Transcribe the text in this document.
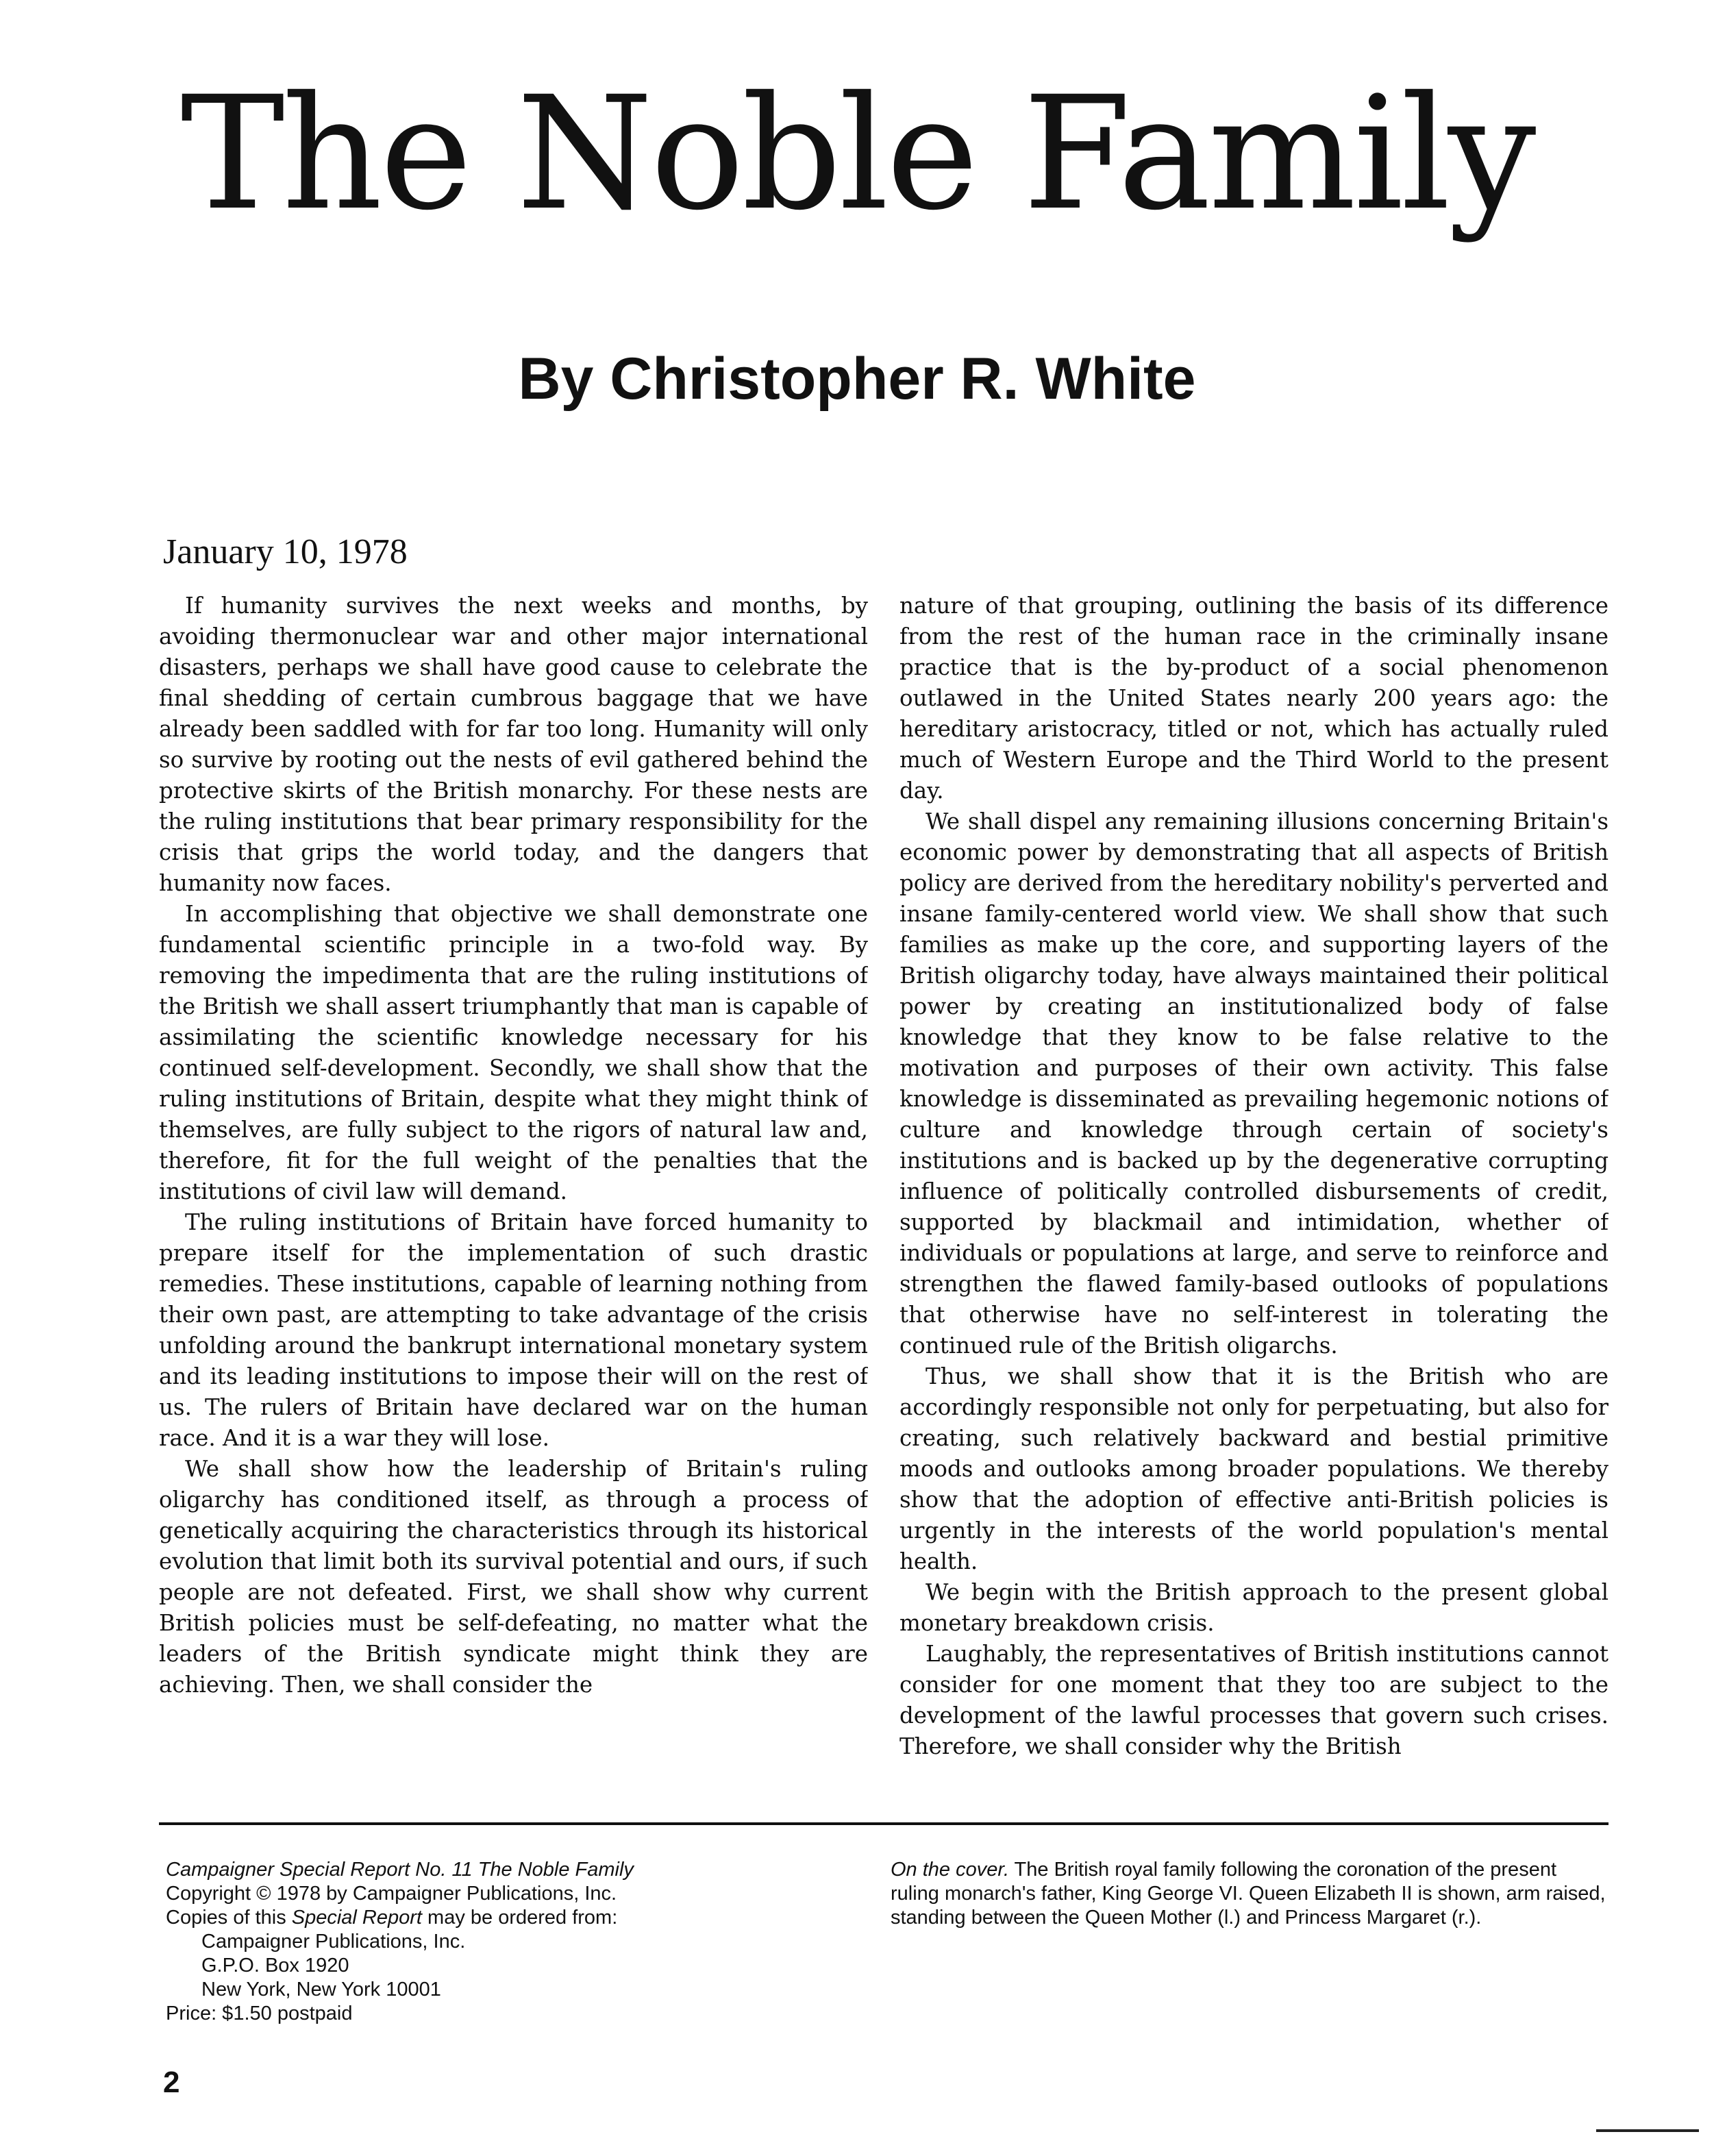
The Noble Family
By Christopher R. White
January 10, 1978

If humanity survives the next weeks and months, by avoiding thermonuclear war and other major international disasters, perhaps we shall have good cause to celebrate the final shedding of certain cumbrous baggage that we have already been saddled with for far too long. Humanity will only so survive by rooting out the nests of evil gathered behind the protective skirts of the British monarchy. For these nests are the ruling institutions that bear primary responsibility for the crisis that grips the world today, and the dangers that humanity now faces.

In accomplishing that objective we shall demonstrate one fundamental scientific principle in a two-fold way. By removing the impedimenta that are the ruling institutions of the British we shall assert triumphantly that man is capable of assimilating the scientific knowledge necessary for his continued self-development. Secondly, we shall show that the ruling institutions of Britain, despite what they might think of themselves, are fully subject to the rigors of natural law and, therefore, fit for the full weight of the penalties that the institutions of civil law will demand.

The ruling institutions of Britain have forced humanity to prepare itself for the implementation of such drastic remedies. These institutions, capable of learning nothing from their own past, are attempting to take advantage of the crisis unfolding around the bankrupt international monetary system and its leading institutions to impose their will on the rest of us. The rulers of Britain have declared war on the human race. And it is a war they will lose.

We shall show how the leadership of Britain's ruling oligarchy has conditioned itself, as through a process of genetically acquiring the characteristics through its historical evolution that limit both its survival potential and ours, if such people are not defeated. First, we shall show why current British policies must be self-defeating, no matter what the leaders of the British syndicate might think they are achieving. Then, we shall consider the

nature of that grouping, outlining the basis of its difference from the rest of the human race in the criminally insane practice that is the by-product of a social phenomenon outlawed in the United States nearly 200 years ago: the hereditary aristocracy, titled or not, which has actually ruled much of Western Europe and the Third World to the present day.

We shall dispel any remaining illusions concerning Britain's economic power by demonstrating that all aspects of British policy are derived from the hereditary nobility's perverted and insane family-centered world view. We shall show that such families as make up the core, and supporting layers of the British oligarchy today, have always maintained their political power by creating an institutionalized body of false knowledge that they know to be false relative to the motivation and purposes of their own activity. This false knowledge is disseminated as prevailing hegemonic notions of culture and knowledge through certain of society's institutions and is backed up by the degenerative corrupting influence of politically controlled disbursements of credit, supported by blackmail and intimidation, whether of individuals or populations at large, and serve to reinforce and strengthen the flawed family-based outlooks of populations that otherwise have no self-interest in tolerating the continued rule of the British oligarchs.

Thus, we shall show that it is the British who are accordingly responsible not only for perpetuating, but also for creating, such relatively backward and bestial primitive moods and outlooks among broader populations. We thereby show that the adoption of effective anti-British policies is urgently in the interests of the world population's mental health.

We begin with the British approach to the present global monetary breakdown crisis.

Laughably, the representatives of British institutions cannot consider for one moment that they too are subject to the development of the lawful processes that govern such crises. Therefore, we shall consider why the British

Campaigner Special Report No. 11 The Noble Family
Copyright © 1978 by Campaigner Publications, Inc.
Copies of this Special Report may be ordered from:
Campaigner Publications, Inc.
G.P.O. Box 1920
New York, New York 10001
Price: $1.50 postpaid
On the cover. The British royal family following the coronation of the present ruling monarch's father, King George VI. Queen Elizabeth II is shown, arm raised, standing between the Queen Mother (l.) and Princess Margaret (r.).
2
